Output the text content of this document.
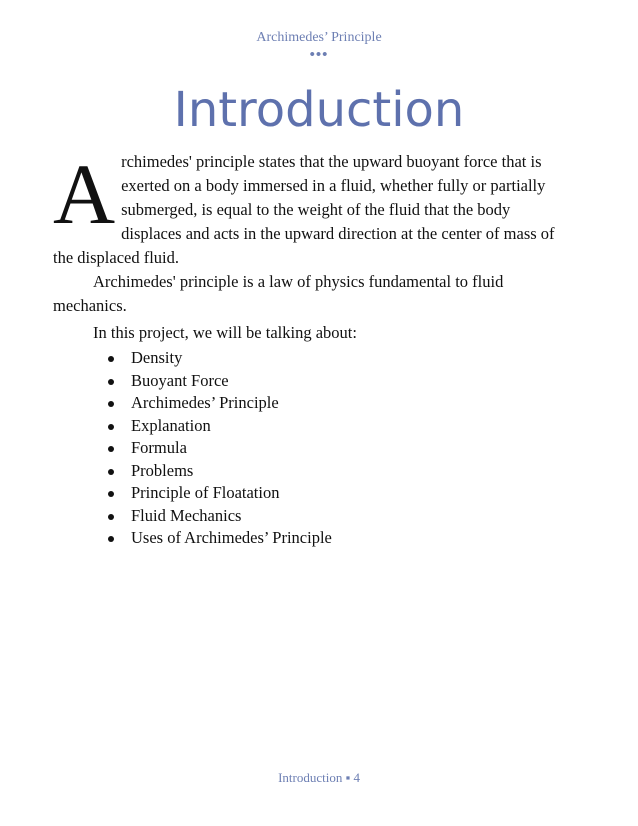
Archimedes’ Principle
•••
Introduction

Archimedes' principle states that the upward buoyant force that is exerted on a body immersed in a fluid, whether fully or partially submerged, is equal to the weight of the fluid that the body displaces and acts in the upward direction at the center of mass of the displaced fluid.

Archimedes' principle is a law of physics fundamental to fluid mechanics.

In this project, we will be talking about:

Density
Buoyant Force
Archimedes’ Principle
Explanation
Formula
Problems
Principle of Floatation
Fluid Mechanics
Uses of Archimedes’ Principle
Introduction ▪ 4
